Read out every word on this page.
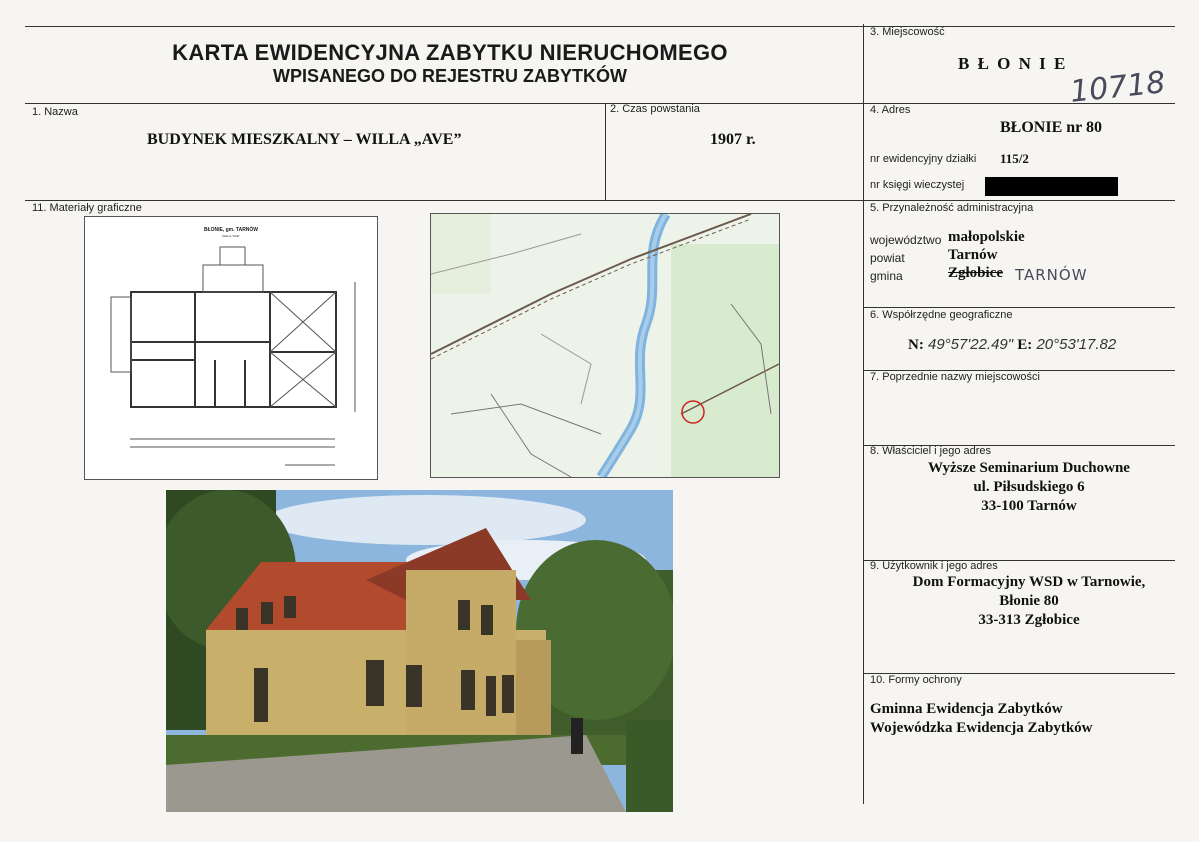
KARTA EWIDENCYJNA ZABYTKU NIERUCHOMEGO
WPISANEGO DO REJESTRU ZABYTKÓW
3. Miejscowość
B Ł O N I E
10718
1. Nazwa
BUDYNEK MIESZKALNY – WILLA „AVE”
2. Czas powstania
1907 r.
4. Adres
BŁONIE nr 80
nr ewidencyjny działki 115/2
nr księgi wieczystej
11. Materiały graficzne
BŁONIE, gm. TARNÓW
WILLA "AVE"
5. Przynależność administracyjna
województwo małopolskie
powiat	Tarnów
gmina	Zgłobice TARNÓW
6. Współrzędne geograficzne
N: 49°57'22.49" E: 20°53'17.82
7. Poprzednie nazwy miejscowości
8. Właściciel i jego adres
Wyższe Seminarium Duchowne
ul. Piłsudskiego 6
33-100 Tarnów
9. Użytkownik i jego adres
Dom Formacyjny WSD w Tarnowie,
Błonie 80
33-313 Zgłobice
10. Formy ochrony
Gminna Ewidencja Zabytków
Wojewódzka Ewidencja Zabytków
